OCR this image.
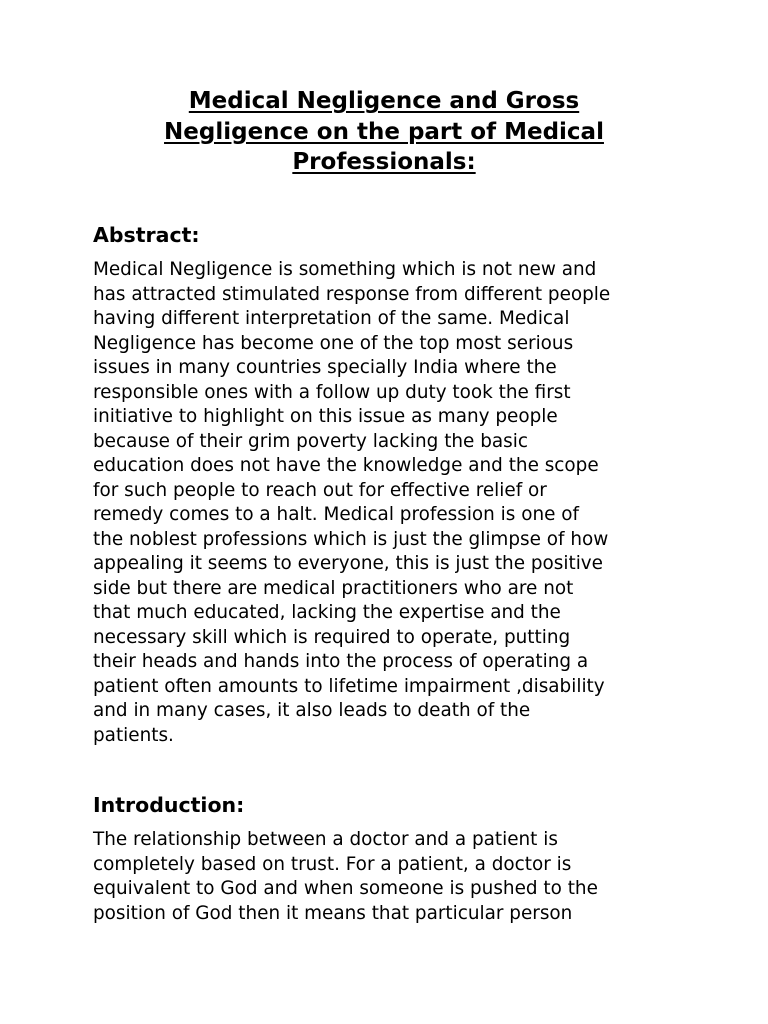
Medical Negligence and Gross
Negligence on the part of Medical
Professionals:
Abstract:
Medical Negligence is something which is not new and
has attracted stimulated response from different people
having different interpretation of the same. Medical
Negligence has become one of the top most serious
issues in many countries specially India where the
responsible ones with a follow up duty took the first
initiative to highlight on this issue as many people
because of their grim poverty lacking the basic
education does not have the knowledge and the scope
for such people to reach out for effective relief or
remedy comes to a halt. Medical profession is one of
the noblest professions which is just the glimpse of how
appealing it seems to everyone, this is just the positive
side but there are medical practitioners who are not
that much educated, lacking the expertise and the
necessary skill which is required to operate, putting
their heads and hands into the process of operating a
patient often amounts to lifetime impairment ,disability
and in many cases, it also leads to death of the
patients.
Introduction:
The relationship between a doctor and a patient is
completely based on trust. For a patient, a doctor is
equivalent to God and when someone is pushed to the
position of God then it means that particular person
